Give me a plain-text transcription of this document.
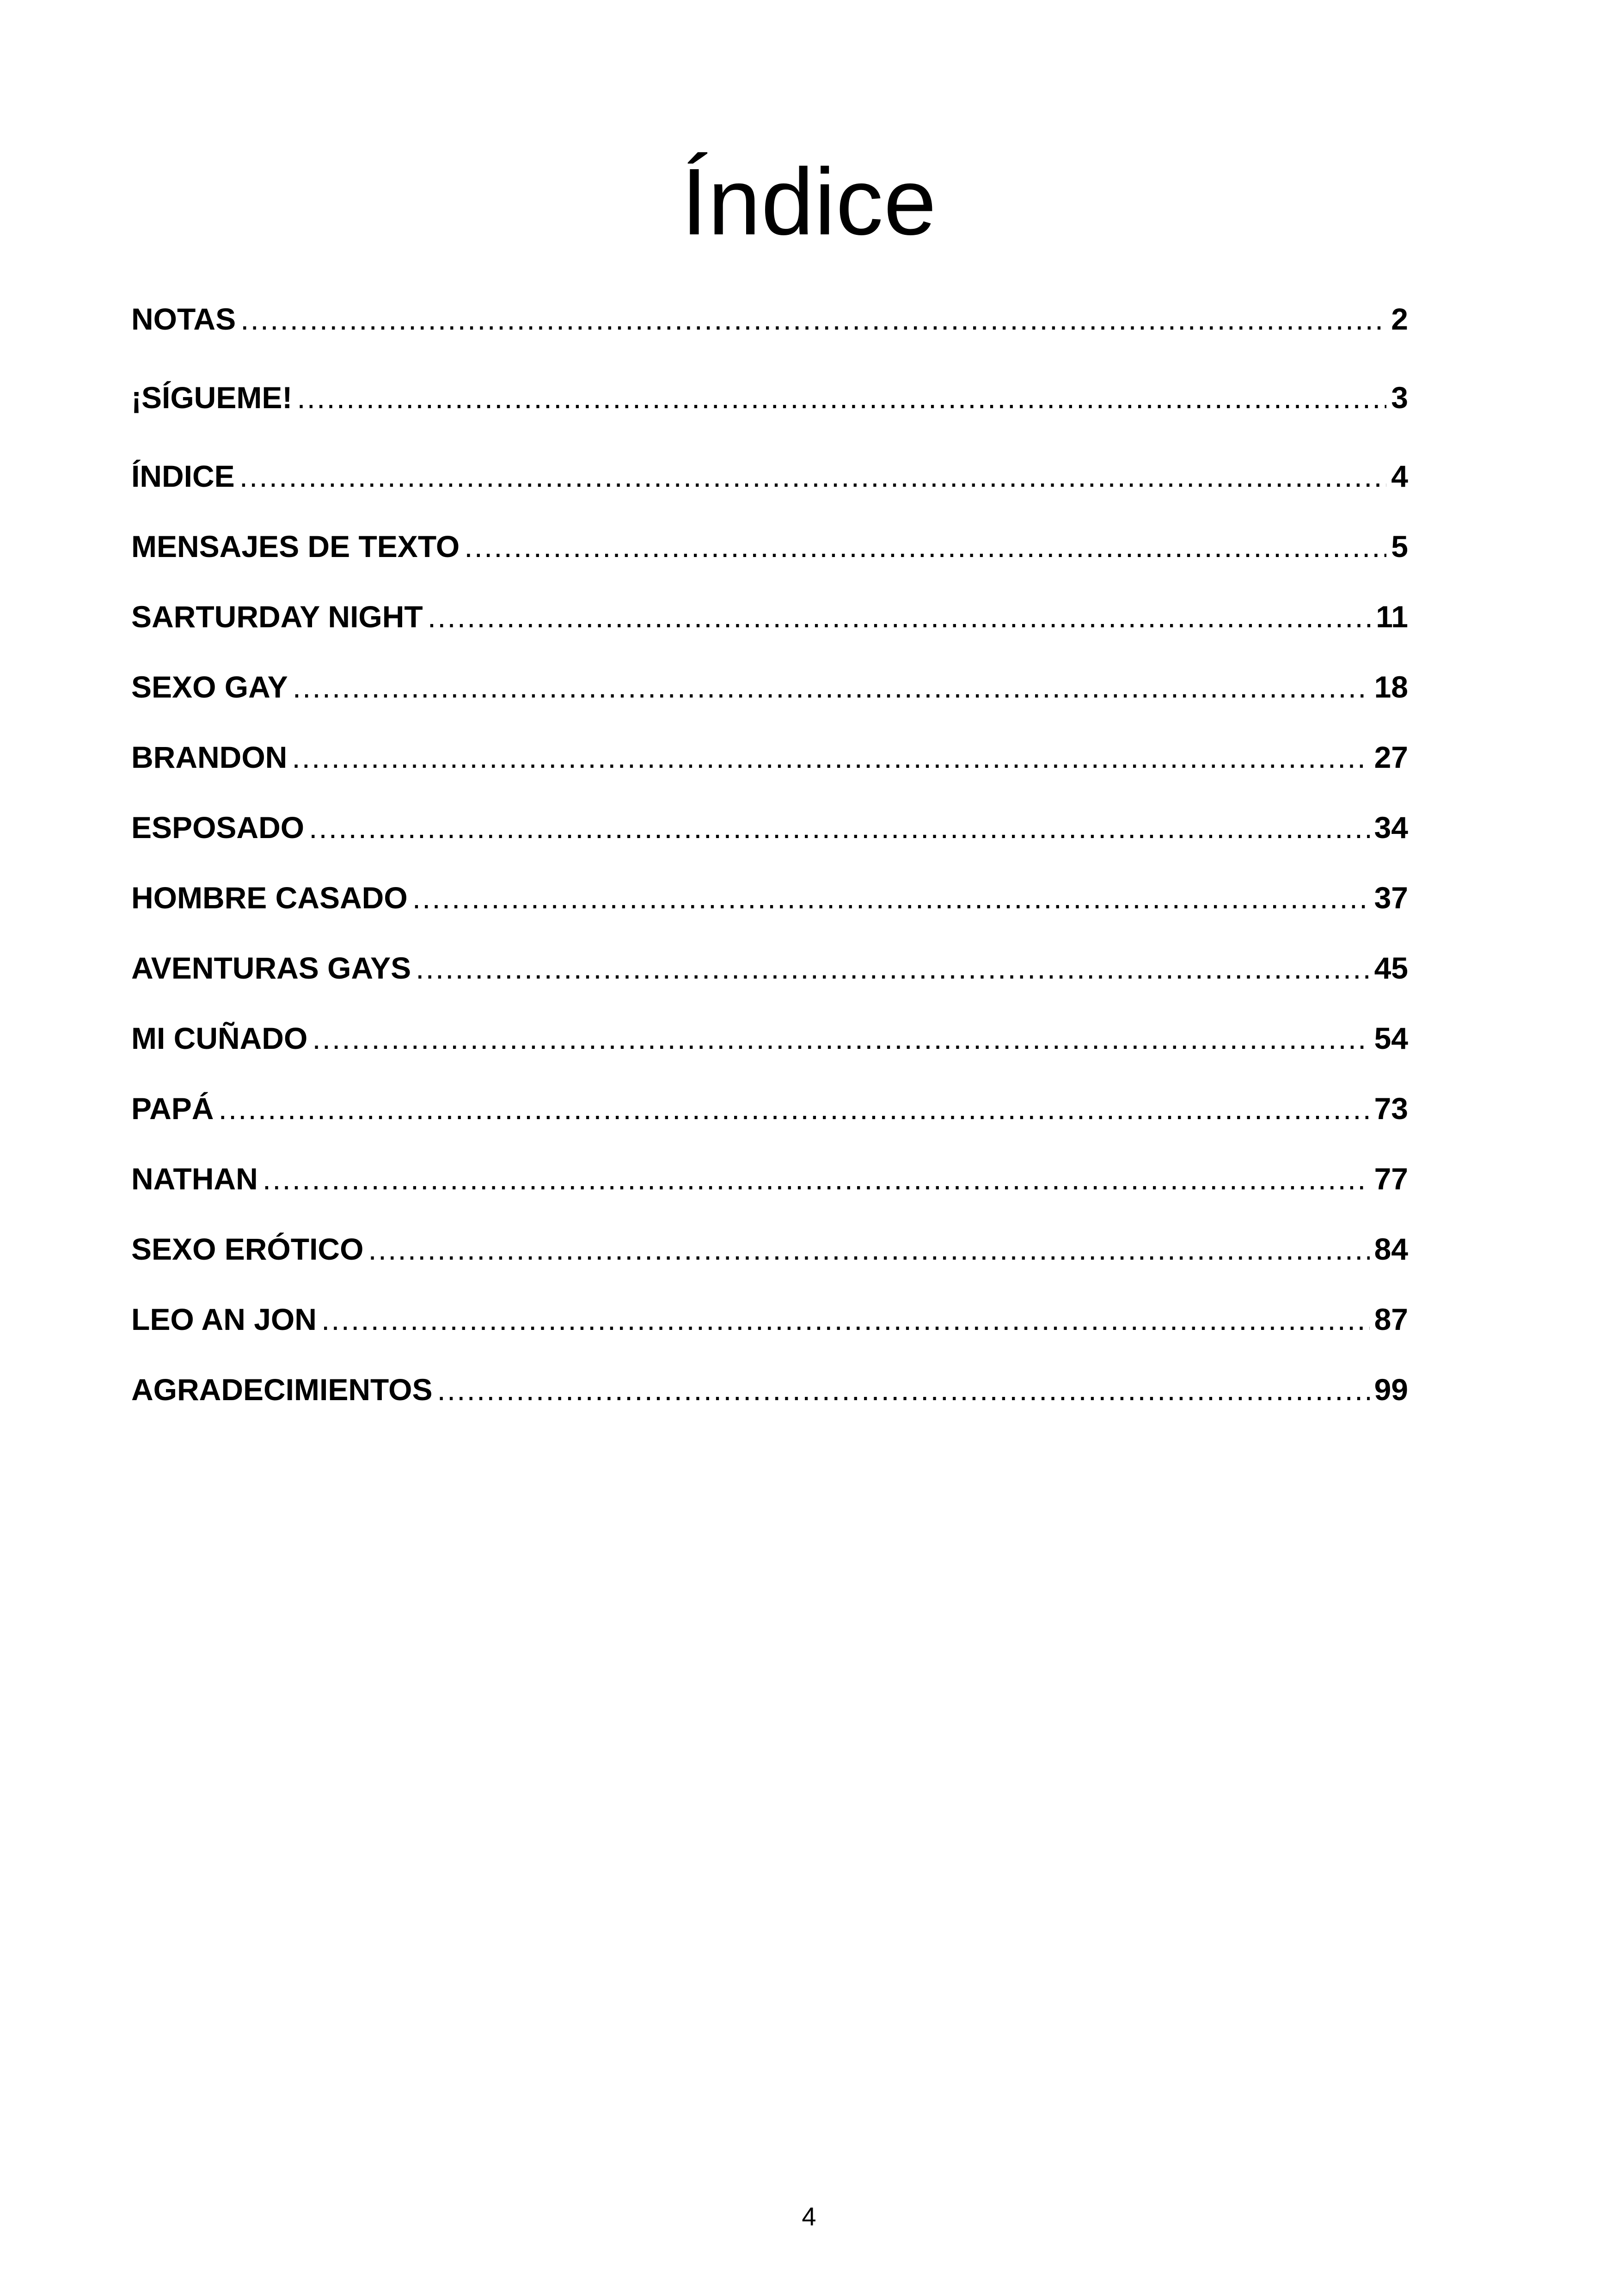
Índice
NOTAS .....	2
¡SÍGUEME! .....	3
ÍNDICE .....	4
MENSAJES DE TEXTO .....	5
SARTURDAY NIGHT .....	11
SEXO GAY .....	18
BRANDON .....	27
ESPOSADO .....	34
HOMBRE CASADO .....	37
AVENTURAS GAYS .....	45
MI CUÑADO .....	54
PAPÁ .....	73
NATHAN .....	77
SEXO ERÓTICO .....	84
LEO AN JON .....	87
AGRADECIMIENTOS .....	99
4
